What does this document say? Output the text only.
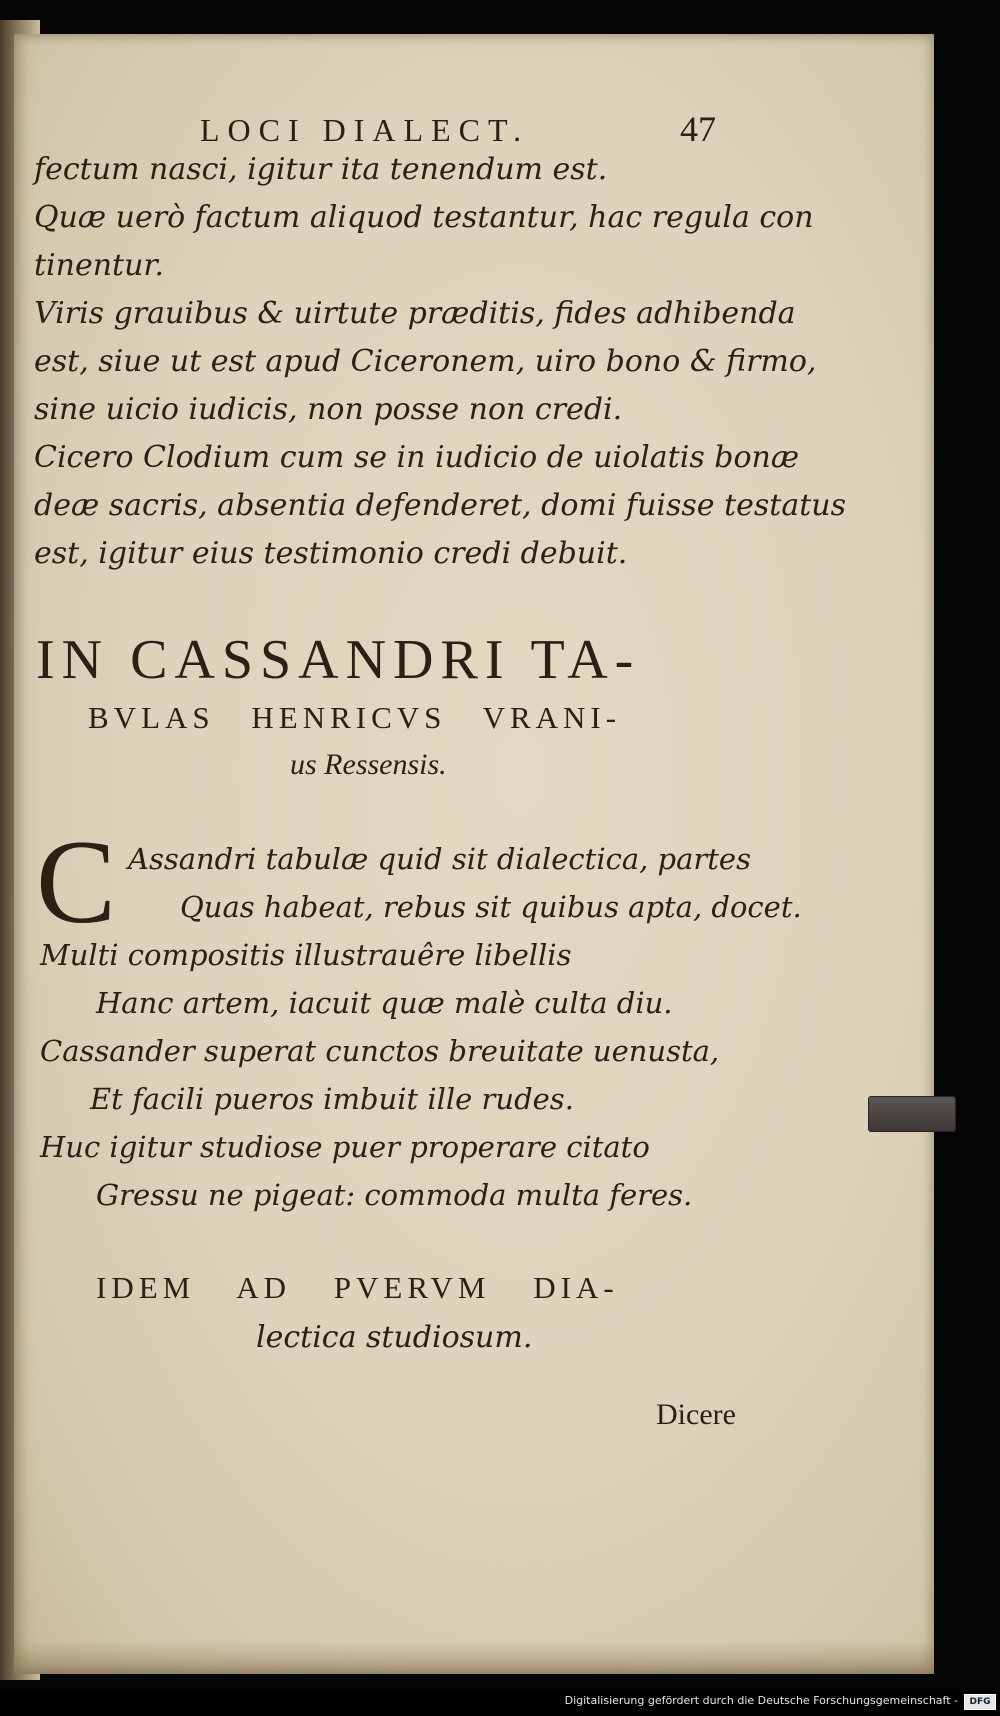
LOCI DIALECT.	47
fectum nasci, igitur ita tenendum est.
Quæ uerò factum aliquod testantur, hac regula con
tinentur.
Viris grauibus & uirtute præditis, fides adhibenda
est, siue ut est apud Ciceronem, uiro bono & firmo,
sine uicio iudicis, non posse non credi.
Cicero Clodium cum se in iudicio de uiolatis bonæ
deæ sacris, absentia defenderet, domi fuisse testatus
est, igitur eius testimonio credi debuit.
IN CASSANDRI TA-
BVLAS HENRICVS VRANI-
us Ressensis.
C Assandri tabulæ quid sit dialectica, partes
Quas habeat, rebus sit quibus apta, docet.
Multi compositis illustrauêre libellis
Hanc artem, iacuit quæ malè culta diu.
Cassander superat cunctos breuitate uenusta,
Et facili pueros imbuit ille rudes.
Huc igitur studiose puer properare citato
Gressu ne pigeat: commoda multa feres.
IDEM AD PVERVM DIA-
lectica studiosum.
Dicere
Digitalisierung gefördert durch die Deutsche Forschungsgemeinschaft -	DFG
